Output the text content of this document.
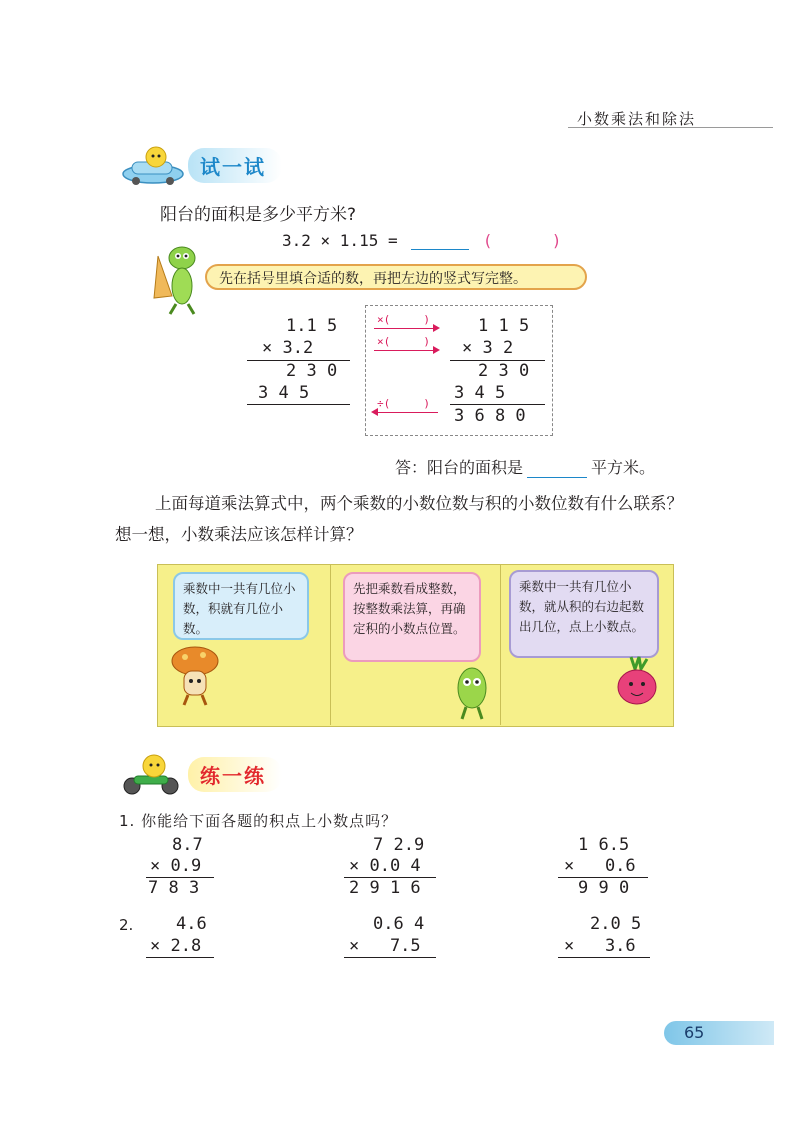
小数乘法和除法
试一试
阳台的面积是多少平方米?
3.2 × 1.15 =	(	)
先在括号里填合适的数，再把左边的竖式写完整。
1.1 5
× 3.2
2 3 0
3 4 5
×(     )
×(     )
÷(     )
1 1 5
× 3 2
2 3 0
3 4 5
3 6 8 0
答：阳台的面积是	平方米。
上面每道乘法算式中，两个乘数的小数位数与积的小数位数有什么联系？想一想，小数乘法应该怎样计算？
乘数中一共有几位小数，积就有几位小数。
先把乘数看成整数，按整数乘法算，再确定积的小数点位置。
乘数中一共有几位小数，就从积的右边起数出几位，点上小数点。
练一练
1. 你能给下面各题的积点上小数点吗？
8.7
× 0.9
7 8 3
7 2.9
× 0.0 4
2 9 1 6
1 6.5
×   0.6
9 9 0
2.	4.6
× 2.8
0.6 4
×   7.5
2.0 5
×   3.6
65
